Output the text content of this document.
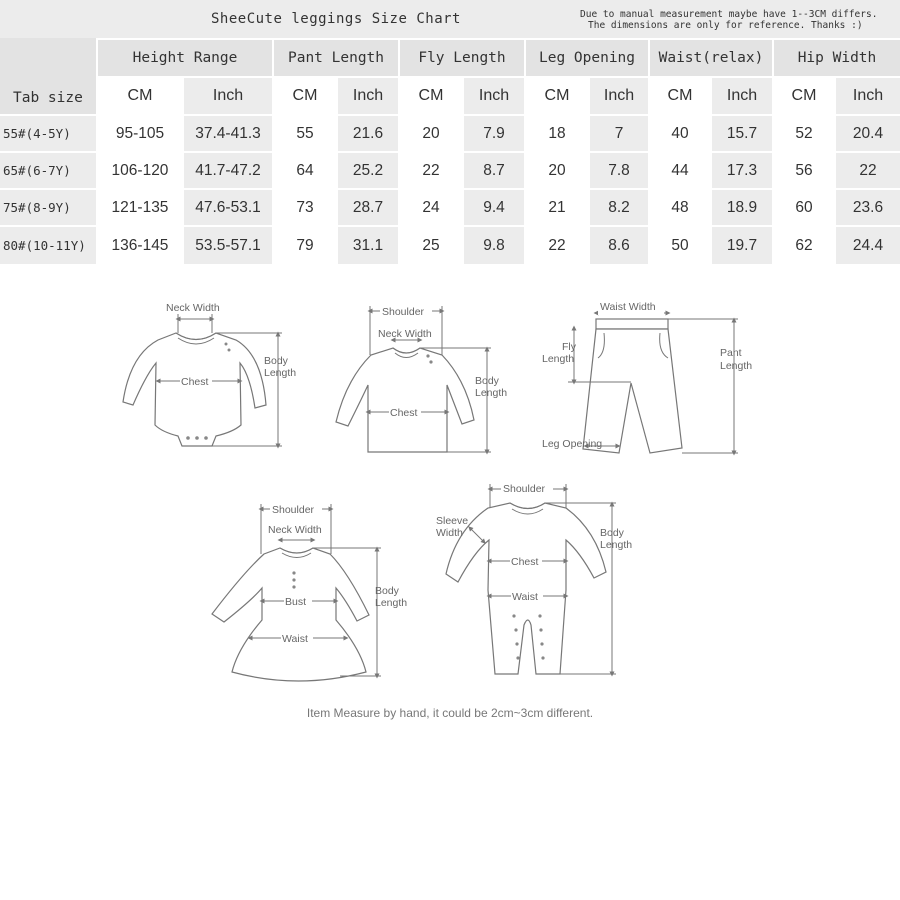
SheeCute leggings Size Chart	Due to manual measurement maybe have 1--3CM differs.
The dimensions are only for reference. Thanks :)
Tab size
Height Range	Pant Length	Fly Length	Leg Opening	Waist(relax)	Hip Width
CM	Inch	CM	Inch	CM	Inch	CM	Inch	CM	Inch	CM	Inch
55#(4-5Y)	95-105	37.4-41.3	55	21.6	20	7.9	18	7	40	15.7	52	20.4
65#(6-7Y)	106-120	41.7-47.2	64	25.2	22	8.7	20	7.8	44	17.3	56	22
75#(8-9Y)	121-135	47.6-53.1	73	28.7	24	9.4	21	8.2	48	18.9	60	23.6
80#(10-11Y)	136-145	53.5-57.1	79	31.1	25	9.8	22	8.6	50	19.7	62	24.4
Neck Width
Chest
Body
Length
Shoulder
Neck Width
Chest
Body
Length
Waist Width
Fly
Length	Pant
Length
Leg Opening
Shoulder
Neck Width
Bust
Waist
Body
Length
Shoulder
Sleeve
Width
Chest
Waist
Body
Length
Item Measure by hand, it could be 2cm~3cm different.
